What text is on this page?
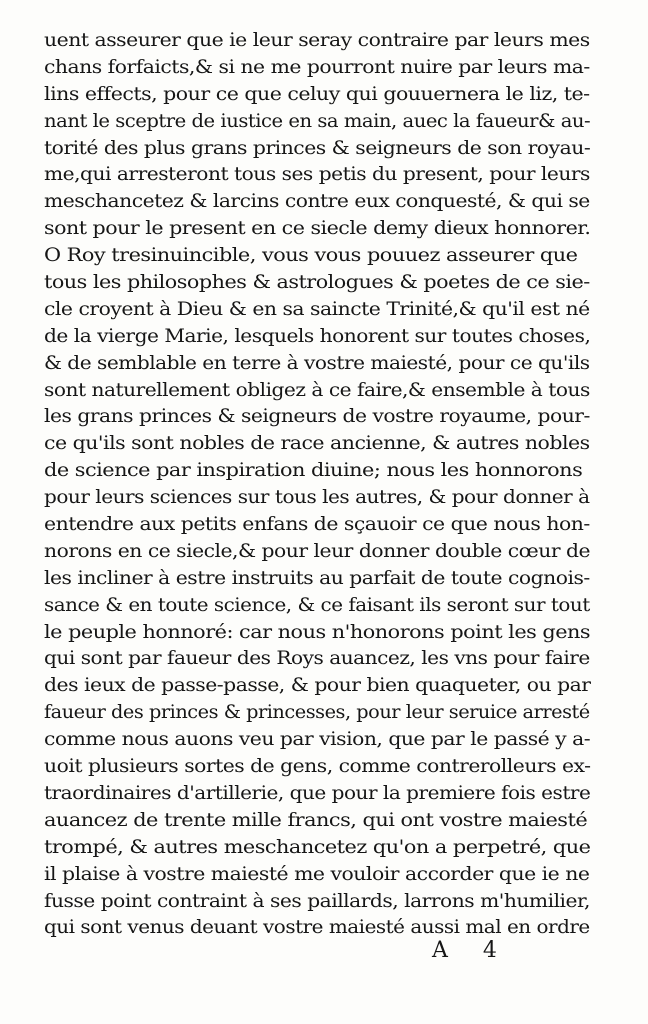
uent asseurer que ie leur seray contraire par leurs mes
chans forfaicts,& si ne me pourront nuire par leurs ma-
lins effects, pour ce que celuy qui gouuernera le liz, te-
nant le sceptre de iustice en sa main, auec la faueur& au-
torité des plus grans princes & seigneurs de son royau-
me,qui arresteront tous ses petis du present, pour leurs
meschancetez & larcins contre eux conquesté, & qui se
sont pour le present en ce siecle demy dieux honnorer.
O Roy tresinuincible, vous vous pouuez asseurer que
tous les philosophes & astrologues & poetes de ce sie-
cle croyent à Dieu & en sa saincte Trinité,& qu'il est né
de la vierge Marie, lesquels honorent sur toutes choses,
& de semblable en terre à vostre maiesté, pour ce qu'ils
sont naturellement obligez à ce faire,& ensemble à tous
les grans princes & seigneurs de vostre royaume, pour-
ce qu'ils sont nobles de race ancienne, & autres nobles
de science par inspiration diuine; nous les honnorons
pour leurs sciences sur tous les autres, & pour donner à
entendre aux petits enfans de sçauoir ce que nous hon-
norons en ce siecle,& pour leur donner double cœur de
les incliner à estre instruits au parfait de toute cognois-
sance & en toute science, & ce faisant ils seront sur tout
le peuple honnoré: car nous n'honorons point les gens
qui sont par faueur des Roys auancez, les vns pour faire
des ieux de passe-passe, & pour bien quaqueter, ou par
faueur des princes & princesses, pour leur seruice arresté
comme nous auons veu par vision, que par le passé y a-
uoit plusieurs sortes de gens, comme contrerolleurs ex-
traordinaires d'artillerie, que pour la premiere fois estre
auancez de trente mille francs, qui ont vostre maiesté
trompé, & autres meschancetez qu'on a perpetré, que
il plaise à vostre maiesté me vouloir accorder que ie ne
fusse point contraint à ses paillards, larrons m'humilier,
qui sont venus deuant vostre maiesté aussi mal en ordre
A 4
